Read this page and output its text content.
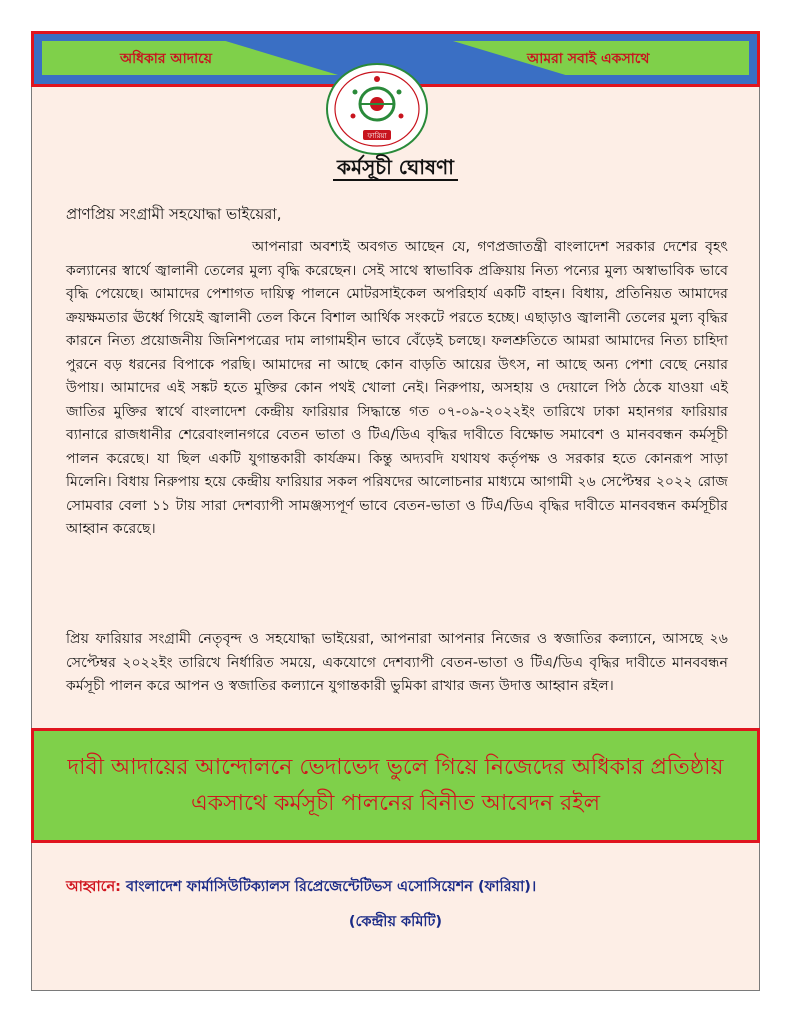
অধিকার আদায়ে	আমরা সবাই একসাথে
ফারিয়া
কর্মসূচী ঘোষণা
প্রাণপ্রিয় সংগ্রামী সহযোদ্ধা ভাইয়েরা,
আপনারা অবশ্যই অবগত আছেন যে, গণপ্রজাতন্ত্রী বাংলাদেশ সরকার দেশের বৃহৎ কল্যানের স্বার্থে জ্বালানী তেলের মুল্য বৃদ্ধি করেছেন। সেই সাথে স্বাভাবিক প্রক্রিয়ায় নিত্য পন্যের মুল্য অস্বাভাবিক ভাবে বৃদ্ধি পেয়েছে। আমাদের পেশাগত দায়িত্ব পালনে মোটরসাইকেল অপরিহার্য একটি বাহন। বিধায়, প্রতিনিয়ত আমাদের ক্রয়ক্ষমতার ঊর্ধ্বে গিয়েই জ্বালানী তেল কিনে বিশাল আর্থিক সংকটে পরতে হচ্ছে। এছাড়াও জ্বালানী তেলের মুল্য বৃদ্ধির কারনে নিত্য প্রয়োজনীয় জিনিশপত্রের দাম লাগামহীন ভাবে বেঁড়েই চলছে। ফলশ্রুতিতে আমরা আমাদের নিত্য চাহিদা পুরনে বড় ধরনের বিপাকে পরছি। আমাদের না আছে কোন বাড়তি আয়ের উৎস, না আছে অন্য পেশা বেছে নেয়ার উপায়। আমাদের এই সঙ্কট হতে মুক্তির কোন পথই খোলা নেই। নিরুপায়, অসহায় ও দেয়ালে পিঠ ঠেকে যাওয়া এই জাতির মুক্তির স্বার্থে বাংলাদেশ কেন্দ্রীয় ফারিয়ার সিদ্ধান্তে গত ০৭-০৯-২০২২ইং তারিখে ঢাকা মহানগর ফারিয়ার ব্যানারে রাজধানীর শেরেবাংলানগরে বেতন ভাতা ও টিএ/ডিএ বৃদ্ধির দাবীতে বিক্ষোভ সমাবেশ ও মানববন্ধন কর্মসূচী পালন করেছে। যা ছিল একটি যুগান্তকারী কার্যক্রম। কিন্তু অদ্যবদি যথাযথ কর্তৃপক্ষ ও সরকার হতে কোনরূপ সাড়া মিলেনি। বিধায় নিরুপায় হয়ে কেন্দ্রীয় ফারিয়ার সকল পরিষদের আলোচনার মাধ্যমে আগামী ২৬ সেপ্টেম্বর ২০২২ রোজ সোমবার বেলা ১১ টায় সারা দেশব্যাপী সামঞ্জস্যপূর্ণ ভাবে বেতন-ভাতা ও টিএ/ডিএ বৃদ্ধির দাবীতে মানববন্ধন কর্মসূচীর আহ্বান করেছে।
প্রিয় ফারিয়ার সংগ্রামী নেতৃবৃন্দ ও সহযোদ্ধা ভাইয়েরা, আপনারা আপনার নিজের ও স্বজাতির কল্যানে, আসছে ২৬ সেপ্টেম্বর ২০২২ইং তারিখে নির্ধারিত সময়ে, একযোগে দেশব্যাপী বেতন-ভাতা ও টিএ/ডিএ বৃদ্ধির দাবীতে মানববন্ধন কর্মসূচী পালন করে আপন ও স্বজাতির কল্যানে যুগান্তকারী ভুমিকা রাখার জন্য উদাত্ত আহ্বান রইল।
দাবী আদায়ের আন্দোলনে ভেদাভেদ ভুলে গিয়ে নিজেদের অধিকার প্রতিষ্ঠায় একসাথে কর্মসূচী পালনের বিনীত আবেদন রইল
আহ্বানে: বাংলাদেশ ফার্মাসিউটিক্যালস রিপ্রেজেন্টেটিভস এসোসিয়েশন (ফারিয়া)।
(কেন্দ্রীয় কমিটি)
